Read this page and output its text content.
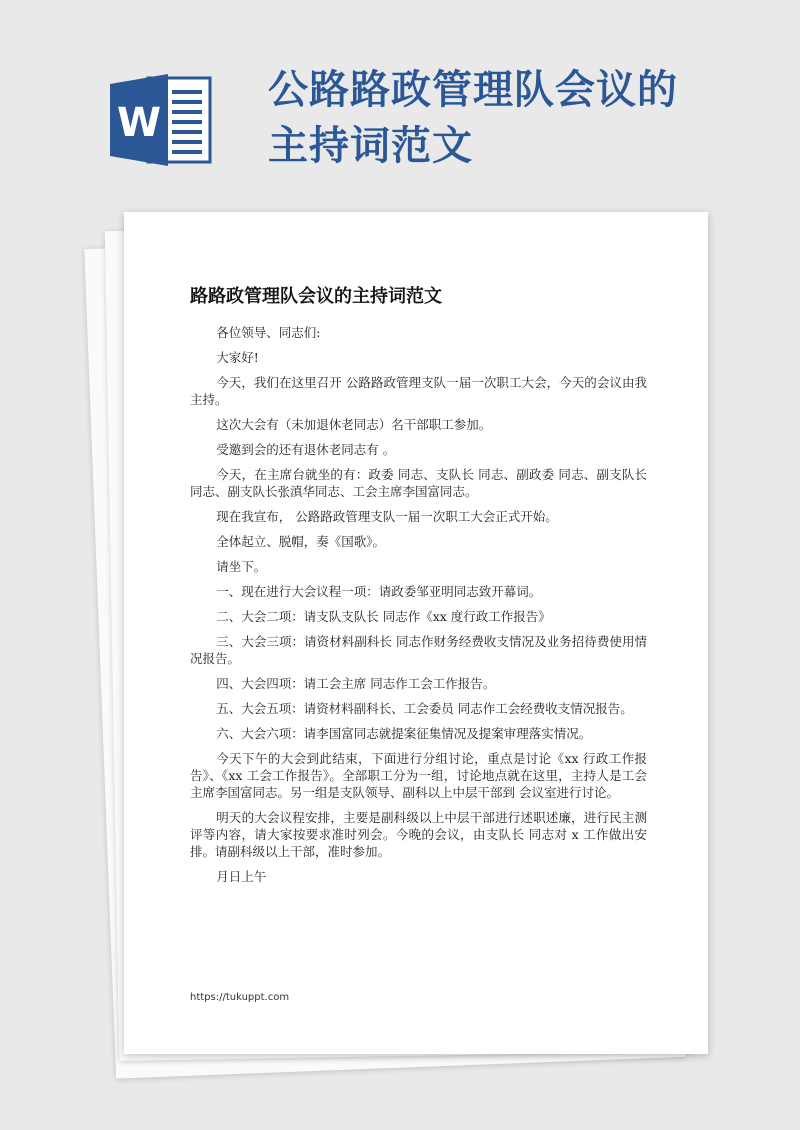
W
公路路政管理队会议的
主持词范文
路路政管理队会议的主持词范文

各位领导、同志们:

大家好!

今天，我们在这里召开 公路路政管理支队一届一次职工大会，今天的会议由我主持。

这次大会有（未加退休老同志）名干部职工参加。

受邀到会的还有退休老同志有 。

今天，在主席台就坐的有：政委 同志、支队长 同志、副政委 同志、副支队长 同志、副支队长张滇华同志、工会主席李国富同志。

现在我宣布， 公路路政管理支队一届一次职工大会正式开始。

全体起立、脱帽，奏《国歌》。

请坐下。

一、现在进行大会议程一项：请政委邹亚明同志致开幕词。

二、大会二项：请支队支队长 同志作《xx 度行政工作报告》

三、大会三项：请资材料副科长 同志作财务经费收支情况及业务招待费使用情况报告。

四、大会四项：请工会主席 同志作工会工作报告。

五、大会五项：请资材料副科长、工会委员 同志作工会经费收支情况报告。

六、大会六项：请李国富同志就提案征集情况及提案审理落实情况。

今天下午的大会到此结束，下面进行分组讨论，重点是讨论《xx 行政工作报告》、《xx 工会工作报告》。全部职工分为一组，讨论地点就在这里，主持人是工会主席李国富同志。另一组是支队领导、副科以上中层干部到 会议室进行讨论。

明天的大会议程安排，主要是副科级以上中层干部进行述职述廉，进行民主测评等内容，请大家按要求准时列会。今晚的会议，由支队长 同志对 x 工作做出安排。请副科级以上干部，准时参加。

月日上午

https://tukuppt.com
